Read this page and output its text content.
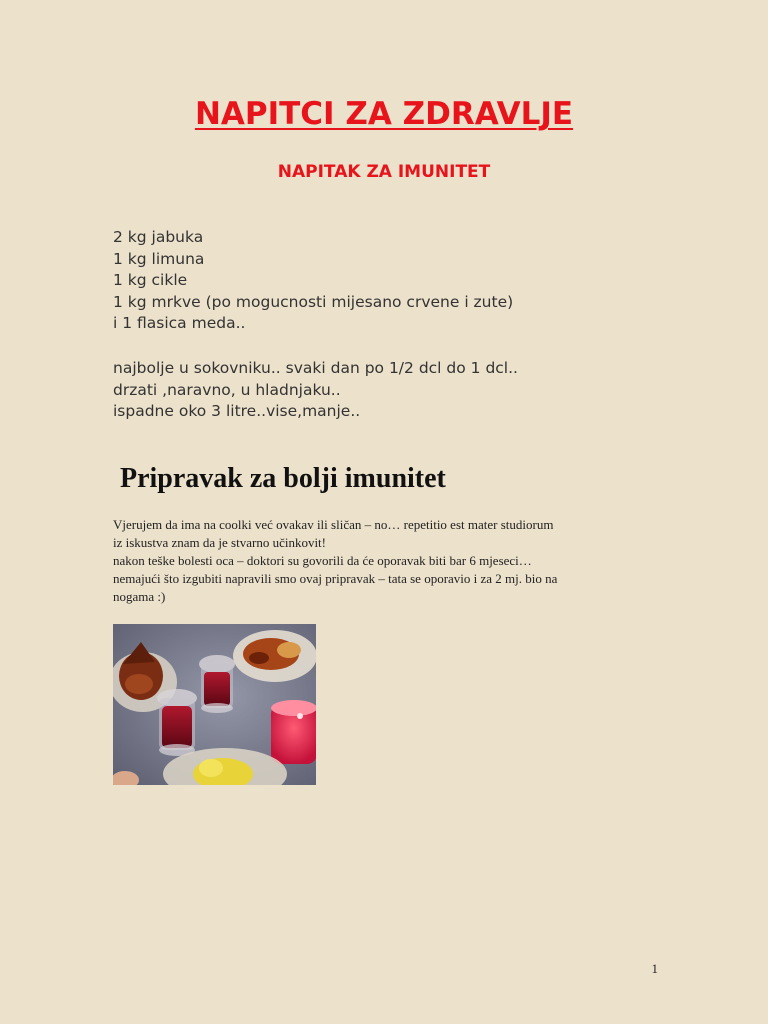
NAPITCI ZA ZDRAVLJE
NAPITAK ZA IMUNITET
2 kg jabuka
1 kg limuna
1 kg cikle
1 kg mrkve (po mogucnosti mijesano crvene i zute)
i 1 flasica meda..
najbolje u sokovniku.. svaki dan po 1/2 dcl do 1 dcl..
drzati ,naravno, u hladnjaku..
ispadne oko 3 litre..vise,manje..
Pripravak za bolji imunitet
Vjerujem da ima na coolki već ovakav ili sličan – no… repetitio est mater studiorum
iz iskustva znam da je stvarno učinkovit!
nakon teške bolesti oca – doktori su govorili da će oporavak biti bar 6 mjeseci…
nemajući što izgubiti napravili smo ovaj pripravak – tata se oporavio i za 2 mj. bio na
nogama :)
1
